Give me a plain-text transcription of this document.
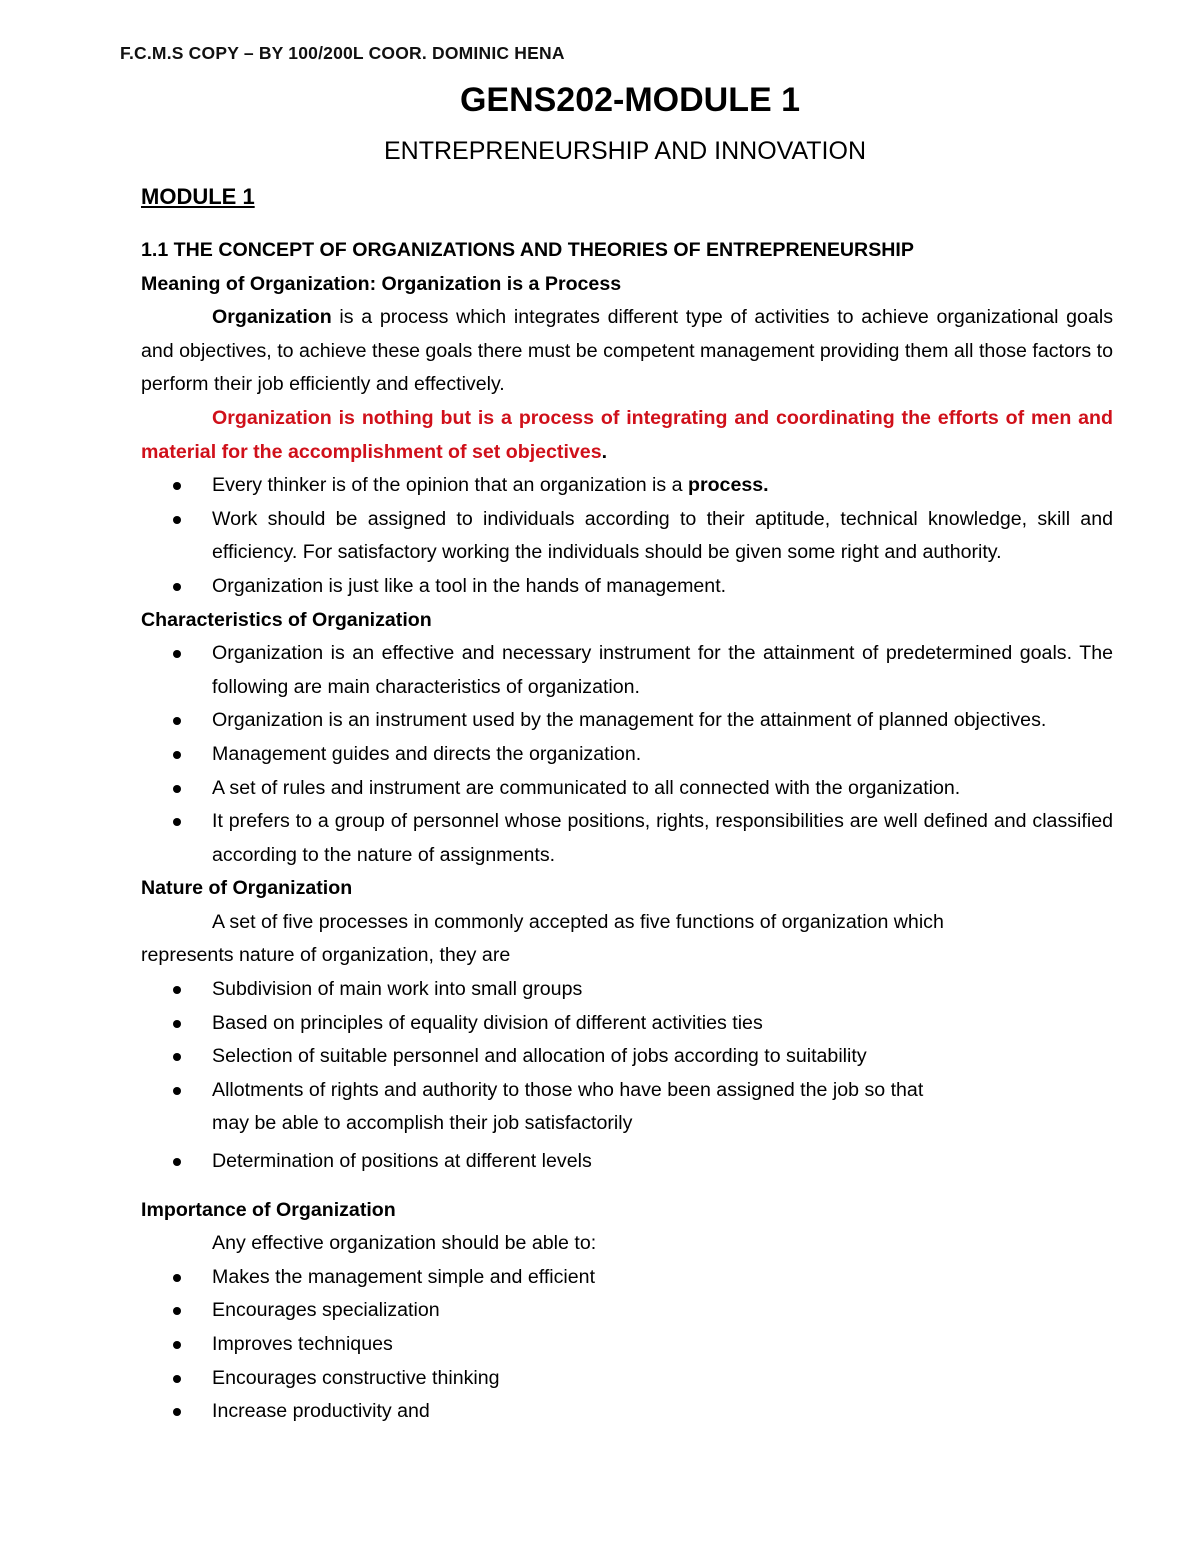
F.C.M.S COPY – BY 100/200L COOR. DOMINIC HENA
GENS202-MODULE 1
ENTREPRENEURSHIP AND INNOVATION
MODULE 1

1.1 THE CONCEPT OF ORGANIZATIONS AND THEORIES OF ENTREPRENEURSHIP

Meaning of Organization: Organization is a Process

Organization is a process which integrates different type of activities to achieve organizational goals and objectives, to achieve these goals there must be competent management providing them all those factors to perform their job efficiently and effectively.

Organization is nothing but is a process of integrating and coordinating the efforts of men and material for the accomplishment of set objectives.

Every thinker is of the opinion that an organization is a process.
Work should be assigned to individuals according to their aptitude, technical knowledge, skill and efficiency. For satisfactory working the individuals should be given some right and authority.
Organization is just like a tool in the hands of management.

Characteristics of Organization

Organization is an effective and necessary instrument for the attainment of predetermined goals. The following are main characteristics of organization.
Organization is an instrument used by the management for the attainment of planned objectives.
Management guides and directs the organization.
A set of rules and instrument are communicated to all connected with the organization.
It prefers to a group of personnel whose positions, rights, responsibilities are well defined and classified according to the nature of assignments.

Nature of Organization

A set of five processes in commonly accepted as five functions of organization which

represents nature of organization, they are

Subdivision of main work into small groups
Based on principles of equality division of different activities ties
Selection of suitable personnel and allocation of jobs according to suitability
Allotments of rights and authority to those who have been assigned the job so that
may be able to accomplish their job satisfactorily
Determination of positions at different levels

Importance of Organization

Any effective organization should be able to:

Makes the management simple and efficient
Encourages specialization
Improves techniques
Encourages constructive thinking
Increase productivity and
